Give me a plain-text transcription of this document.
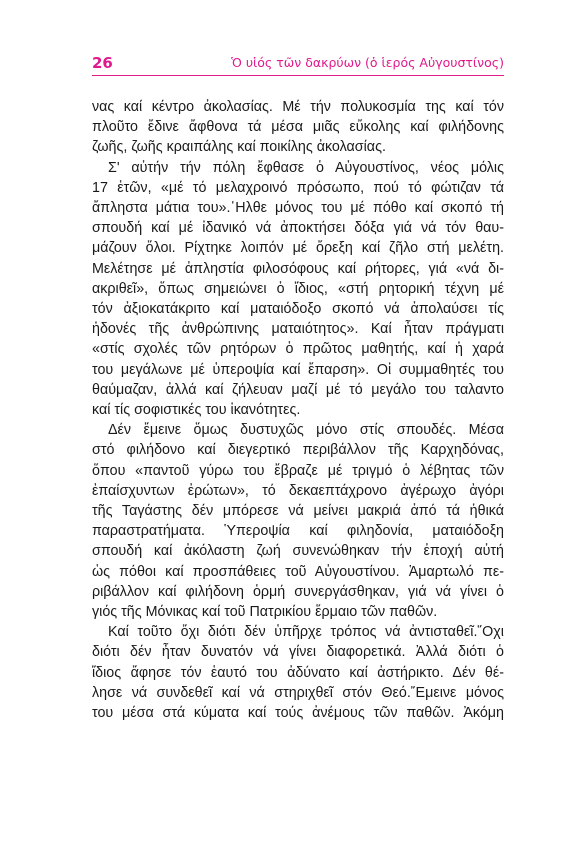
26	Ὁ υἱός τῶν δακρύων (ὁ ἱερός Αὐγουστίνος)

νας καί κέντρο ἀκολασίας. Μέ τήν πολυκοσμία της καί τόν
πλοῦτο ἔδινε ἄφθονα τά μέσα μιᾶς εὔκολης καί φιλήδονης
ζωῆς, ζωῆς κραιπάλης καί ποικίλης ἀκολασίας.

Σ' αὐτήν τήν πόλη ἔφθασε ὁ Αὐγουστίνος, νέος μόλις
17 ἐτῶν, «μέ τό μελαχροινό πρόσωπο, πού τό φώτιζαν τά
ἄπληστα μάτια του».῾Ηλθε μόνος του μέ πόθο καί σκοπό τή
σπουδή καί μέ ἰδανικό νά ἀποκτήσει δόξα γιά νά τόν θαυ-
μάζουν ὅλοι. Ρίχτηκε λοιπόν μέ ὄρεξη καί ζῆλο στή μελέτη.
Μελέτησε μέ ἀπληστία φιλοσόφους καί ρήτορες, γιά «νά δι-
ακριθεῖ», ὅπως σημειώνει ὁ ἴδιος, «στή ρητορική τέχνη μέ
τόν ἀξιοκατάκριτο καί ματαιόδοξο σκοπό νά ἀπολαύσει τίς
ἡδονές τῆς ἀνθρώπινης ματαιότητος». Καί ἦταν πράγματι
«στίς σχολές τῶν ρητόρων ὁ πρῶτος μαθητής, καί ἡ χαρά
του μεγάλωνε μέ ὑπεροψία καί ἔπαρση». Οἱ συμμαθητές του
θαύμαζαν, ἀλλά καί ζήλευαν μαζί μέ τό μεγάλο του ταλαντο
καί τίς σοφιστικές του ἱκανότητες.

Δέν ἔμεινε ὅμως δυστυχῶς μόνο στίς σπουδές. Μέσα
στό φιλήδονο καί διεγερτικό περιβάλλον τῆς Καρχηδόνας,
ὅπου «παντοῦ γύρω του ἔβραζε μέ τριγμό ὁ λέβητας τῶν
ἐπαίσχυντων ἐρώτων», τό δεκαεπτάχρονο ἀγέρωχο ἀγόρι
τῆς Ταγάστης δέν μπόρεσε νά μείνει μακριά ἀπό τά ἠθικά
παραστρατήματα. Ὑπεροψία καί φιληδονία, ματαιόδοξη
σπουδή καί ἀκόλαστη ζωή συνενώθηκαν τήν ἐποχή αὐτή
ὡς πόθοι καί προσπάθειες τοῦ Αὐγουστίνου. Ἁμαρτωλό πε-
ριβάλλον καί φιλήδονη ὁρμή συνεργάσθηκαν, γιά νά γίνει ὁ
γιός τῆς Μόνικας καί τοῦ Πατρικίου ἕρμαιο τῶν παθῶν.

Καί τοῦτο ὄχι διότι δέν ὑπῆρχε τρόπος νά ἀντισταθεῖ.῞Οχι
διότι δέν ἦταν δυνατόν νά γίνει διαφορετικά. Ἀλλά διότι ὁ
ἴδιος ἄφησε τόν ἑαυτό του ἀδύνατο καί ἀστήρικτο. Δέν θέ-
λησε νά συνδεθεῖ καί νά στηριχθεῖ στόν Θεό.῎Εμεινε μόνος
του μέσα στά κύματα καί τούς ἀνέμους τῶν παθῶν. Ἀκόμη
